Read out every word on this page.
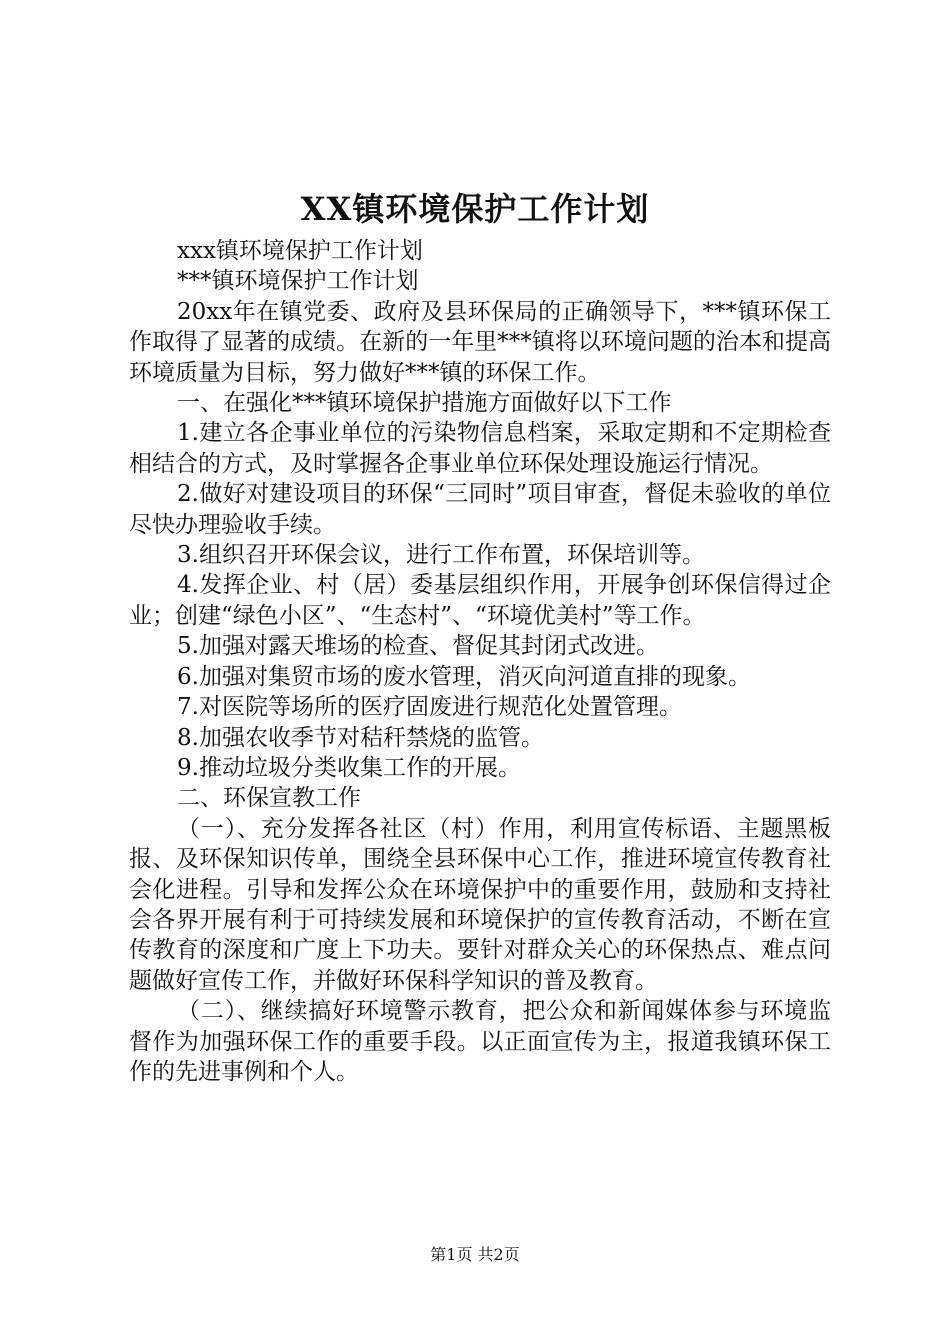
XX镇环境保护工作计划

xxx镇环境保护工作计划

***镇环境保护工作计划

20xx年在镇党委、政府及县环保局的正确领导下，***镇环保工作取得了显著的成绩。在新的一年里***镇将以环境问题的治本和提高环境质量为目标，努力做好***镇的环保工作。

一、在强化***镇环境保护措施方面做好以下工作

1.建立各企事业单位的污染物信息档案，采取定期和不定期检查相结合的方式，及时掌握各企事业单位环保处理设施运行情况。

2.做好对建设项目的环保“三同时”项目审查，督促未验收的单位尽快办理验收手续。

3.组织召开环保会议，进行工作布置，环保培训等。

4.发挥企业、村（居）委基层组织作用，开展争创环保信得过企业；创建“绿色小区”、“生态村”、“环境优美村”等工作。

5.加强对露天堆场的检查、督促其封闭式改进。

6.加强对集贸市场的废水管理，消灭向河道直排的现象。

7.对医院等场所的医疗固废进行规范化处置管理。

8.加强农收季节对秸秆禁烧的监管。

9.推动垃圾分类收集工作的开展。

二、环保宣教工作

（一）、充分发挥各社区（村）作用，利用宣传标语、主题黑板报、及环保知识传单，围绕全县环保中心工作，推进环境宣传教育社会化进程。引导和发挥公众在环境保护中的重要作用，鼓励和支持社会各界开展有利于可持续发展和环境保护的宣传教育活动，不断在宣传教育的深度和广度上下功夫。要针对群众关心的环保热点、难点问题做好宣传工作，并做好环保科学知识的普及教育。

（二）、继续搞好环境警示教育，把公众和新闻媒体参与环境监督作为加强环保工作的重要手段。以正面宣传为主，报道我镇环保工作的先进事例和个人。

第1页 共2页
